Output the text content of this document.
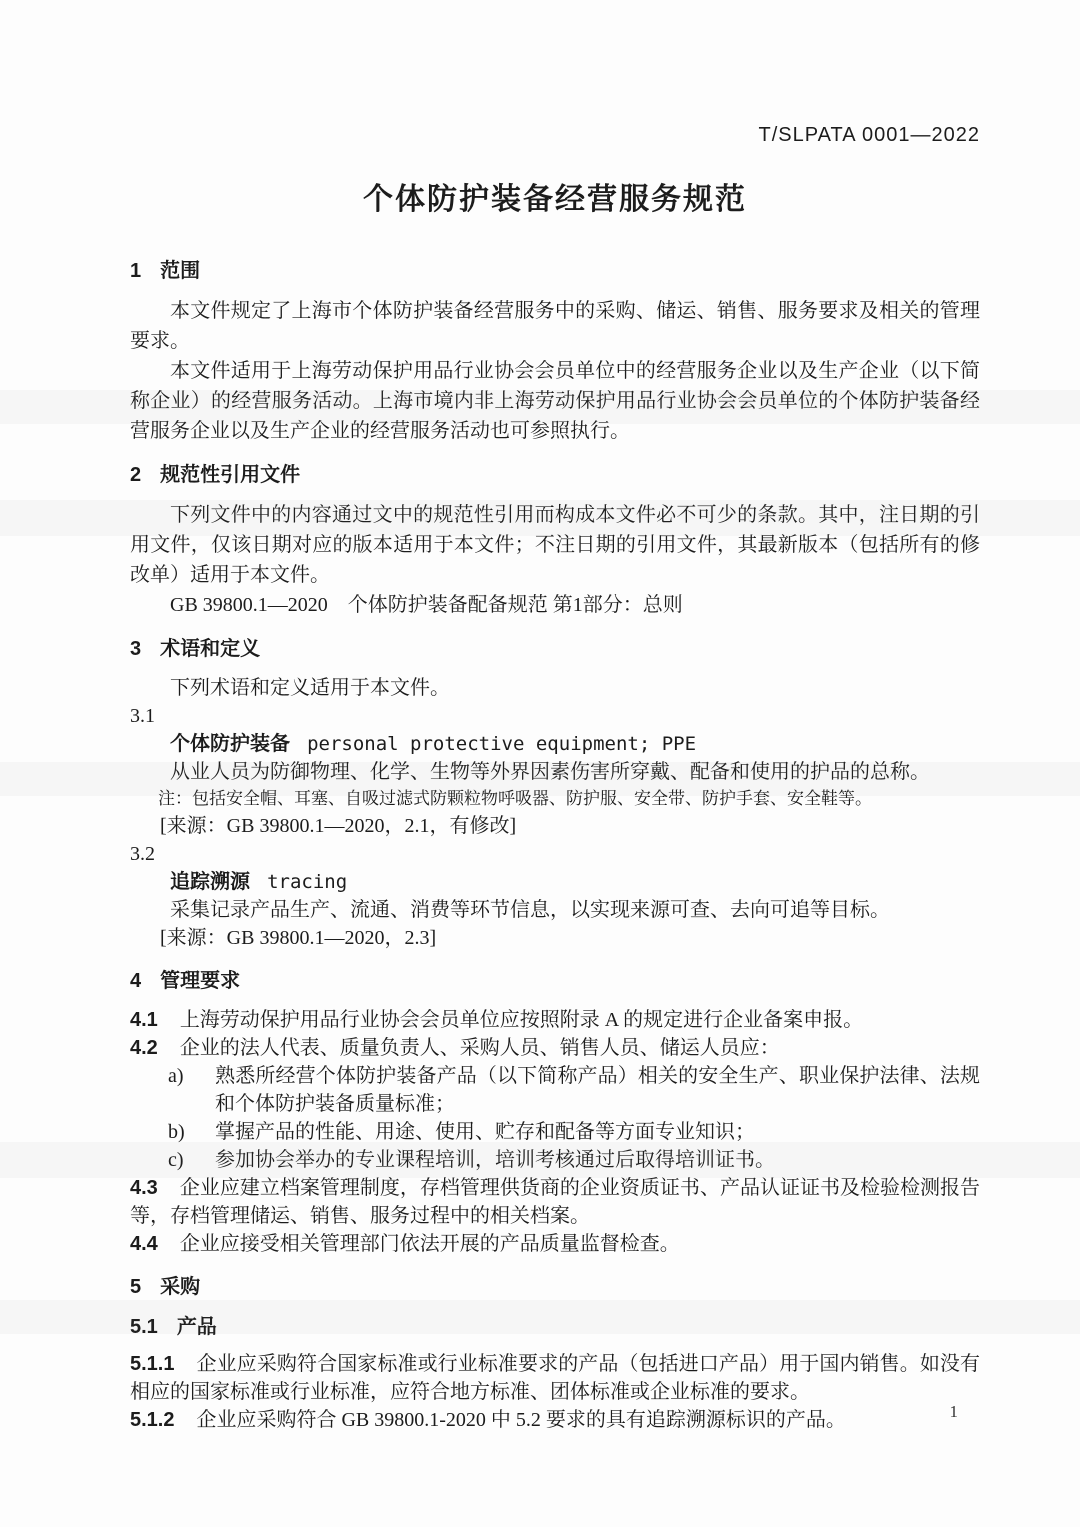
T/SLPATA 0001—2022
个体防护装备经营服务规范
1 范围

本文件规定了上海市个体防护装备经营服务中的采购、储运、销售、服务要求及相关的管理要求。

本文件适用于上海劳动保护用品行业协会会员单位中的经营服务企业以及生产企业（以下简称企业）的经营服务活动。上海市境内非上海劳动保护用品行业协会会员单位的个体防护装备经营服务企业以及生产企业的经营服务活动也可参照执行。

2 规范性引用文件

下列文件中的内容通过文中的规范性引用而构成本文件必不可少的条款。其中，注日期的引用文件，仅该日期对应的版本适用于本文件；不注日期的引用文件，其最新版本（包括所有的修改单）适用于本文件。

GB 39800.1—2020　个体防护装备配备规范 第1部分：总则

3 术语和定义

下列术语和定义适用于本文件。

3.1

个体防护装备 personal protective equipment; PPE

从业人员为防御物理、化学、生物等外界因素伤害所穿戴、配备和使用的护品的总称。

注：包括安全帽、耳塞、自吸过滤式防颗粒物呼吸器、防护服、安全带、防护手套、安全鞋等。

[来源：GB 39800.1—2020，2.1，有修改]

3.2

追踪溯源 tracing

采集记录产品生产、流通、消费等环节信息，以实现来源可查、去向可追等目标。

[来源：GB 39800.1—2020，2.3]

4 管理要求

4.1 上海劳动保护用品行业协会会员单位应按照附录 A 的规定进行企业备案申报。

4.2 企业的法人代表、质量负责人、采购人员、销售人员、储运人员应：

a) 熟悉所经营个体防护装备产品（以下简称产品）相关的安全生产、职业保护法律、法规和个体防护装备质量标准；

b) 掌握产品的性能、用途、使用、贮存和配备等方面专业知识；

c) 参加协会举办的专业课程培训，培训考核通过后取得培训证书。

4.3 企业应建立档案管理制度，存档管理供货商的企业资质证书、产品认证证书及检验检测报告等，存档管理储运、销售、服务过程中的相关档案。

4.4 企业应接受相关管理部门依法开展的产品质量监督检查。

5 采购
5.1 产品

5.1.1 企业应采购符合国家标准或行业标准要求的产品（包括进口产品）用于国内销售。如没有相应的国家标准或行业标准，应符合地方标准、团体标准或企业标准的要求。

5.1.2 企业应采购符合 GB 39800.1-2020 中 5.2 要求的具有追踪溯源标识的产品。	1
